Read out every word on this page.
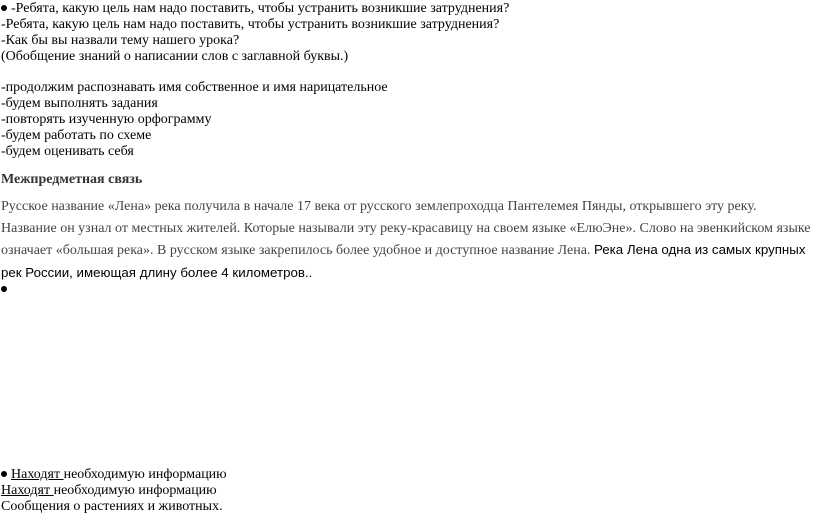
-Ребята, какую цель нам надо поставить, чтобы устранить возникшие затруднения?
-Ребята, какую цель нам надо поставить, чтобы устранить возникшие затруднения?
-Как бы вы назвали тему нашего урока?
(Обобщение знаний о написании слов с заглавной буквы.)
-продолжим распознавать имя собственное и имя нарицательное
-будем выполнять задания
-повторять изученную орфограмму
-будем работать по схеме
-будем оценивать себя
Межпредметная связь
Русское название «Лена» река получила в начале 17 века от русского землепроходца Пантелемея Пянды, открывшего эту реку. Название он узнал от местных жителей. Которые называли эту реку-красавицу на своем языке «ЕлюЭне». Слово на эвенкийском языке означает «большая река». В русском языке закрепилось более удобное и доступное название Лена. Река Лена одна из самых крупных рек России, имеющая длину более 4 километров..
Находят необходимую информацию
Находят необходимую информацию
Сообщения о растениях и животных.
